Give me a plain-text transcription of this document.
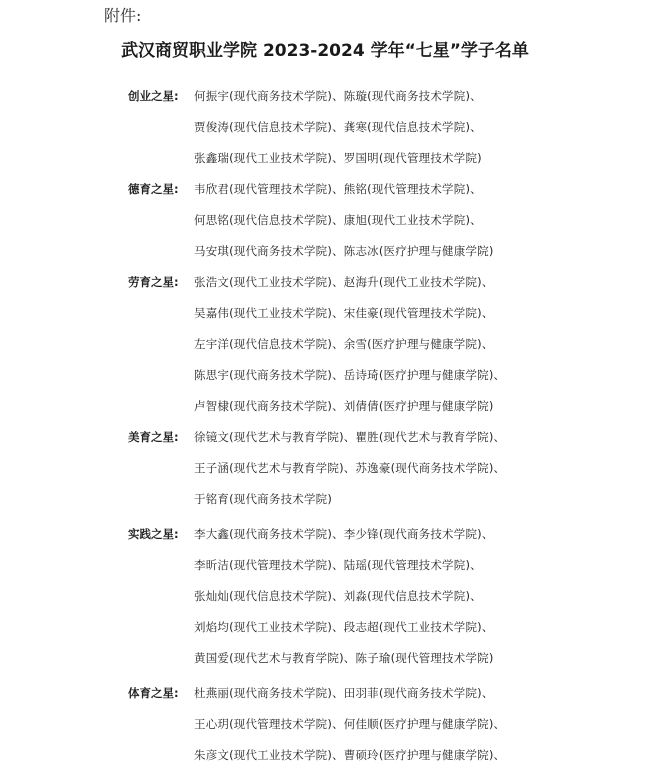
附件:
武汉商贸职业学院 2023-2024 学年“七星”学子名单
创业之星: 何振宇(现代商务技术学院)、陈璇(现代商务技术学院)、
贾俊涛(现代信息技术学院)、龚寒(现代信息技术学院)、
张鑫瑞(现代工业技术学院)、罗国明(现代管理技术学院)
德育之星: 韦欣君(现代管理技术学院)、熊铭(现代管理技术学院)、
何思铭(现代信息技术学院)、康旭(现代工业技术学院)、
马安琪(现代商务技术学院)、陈志冰(医疗护理与健康学院)
劳育之星: 张浩文(现代工业技术学院)、赵海升(现代工业技术学院)、
吴嘉伟(现代工业技术学院)、宋佳豪(现代管理技术学院)、
左宇洋(现代信息技术学院)、余雪(医疗护理与健康学院)、
陈思宇(现代商务技术学院)、岳诗琦(医疗护理与健康学院)、
卢智棣(现代商务技术学院)、刘倩倩(医疗护理与健康学院)
美育之星: 徐镜文(现代艺术与教育学院)、瞿胜(现代艺术与教育学院)、
王子涵(现代艺术与教育学院)、苏逸豪(现代商务技术学院)、
于铭育(现代商务技术学院)
实践之星: 李大鑫(现代商务技术学院)、李少锋(现代商务技术学院)、
李昕洁(现代管理技术学院)、陆瑶(现代管理技术学院)、
张灿灿(现代信息技术学院)、刘淼(现代信息技术学院)、
刘焰均(现代工业技术学院)、段志超(现代工业技术学院)、
黄国爱(现代艺术与教育学院)、陈子瑜(现代管理技术学院)
体育之星: 杜燕丽(现代商务技术学院)、田羽菲(现代商务技术学院)、
王心玥(现代管理技术学院)、何佳顺(医疗护理与健康学院)、
朱彦文(现代工业技术学院)、曹硕玲(医疗护理与健康学院)、
